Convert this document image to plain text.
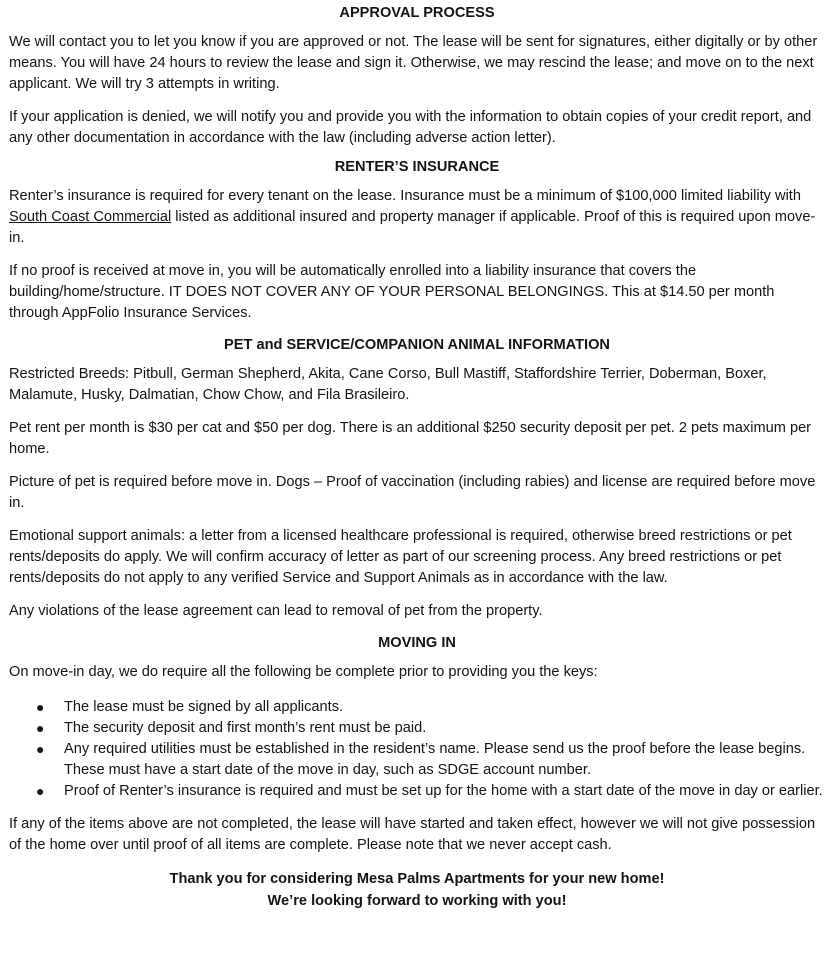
APPROVAL PROCESS

We will contact you to let you know if you are approved or not. The lease will be sent for signatures, either digitally or by other means. You will have 24 hours to review the lease and sign it. Otherwise, we may rescind the lease; and move on to the next applicant. We will try 3 attempts in writing.

If your application is denied, we will notify you and provide you with the information to obtain copies of your credit report, and any other documentation in accordance with the law (including adverse action letter).

RENTER’S INSURANCE

Renter’s insurance is required for every tenant on the lease. Insurance must be a minimum of $100,000 limited liability with South Coast Commercial listed as additional insured and property manager if applicable. Proof of this is required upon move-in.

If no proof is received at move in, you will be automatically enrolled into a liability insurance that covers the building/home/structure. IT DOES NOT COVER ANY OF YOUR PERSONAL BELONGINGS. This at $14.50 per month through AppFolio Insurance Services.

PET and SERVICE/COMPANION ANIMAL INFORMATION

Restricted Breeds: Pitbull, German Shepherd, Akita, Cane Corso, Bull Mastiff, Staffordshire Terrier, Doberman, Boxer, Malamute, Husky, Dalmatian, Chow Chow, and Fila Brasileiro.

Pet rent per month is $30 per cat and $50 per dog. There is an additional $250 security deposit per pet. 2 pets maximum per home.

Picture of pet is required before move in. Dogs – Proof of vaccination (including rabies) and license are required before move in.

Emotional support animals: a letter from a licensed healthcare professional is required, otherwise breed restrictions or pet rents/deposits do apply. We will confirm accuracy of letter as part of our screening process. Any breed restrictions or pet rents/deposits do not apply to any verified Service and Support Animals as in accordance with the law.

Any violations of the lease agreement can lead to removal of pet from the property.

MOVING IN

On move-in day, we do require all the following be complete prior to providing you the keys:

● The lease must be signed by all applicants.
● The security deposit and first month’s rent must be paid.
● Any required utilities must be established in the resident’s name. Please send us the proof before the lease begins. These must have a start date of the move in day, such as SDGE account number.
● Proof of Renter’s insurance is required and must be set up for the home with a start date of the move in day or earlier.

If any of the items above are not completed, the lease will have started and taken effect, however we will not give possession of the home over until proof of all items are complete. Please note that we never accept cash.

Thank you for considering Mesa Palms Apartments for your new home!
We’re looking forward to working with you!
